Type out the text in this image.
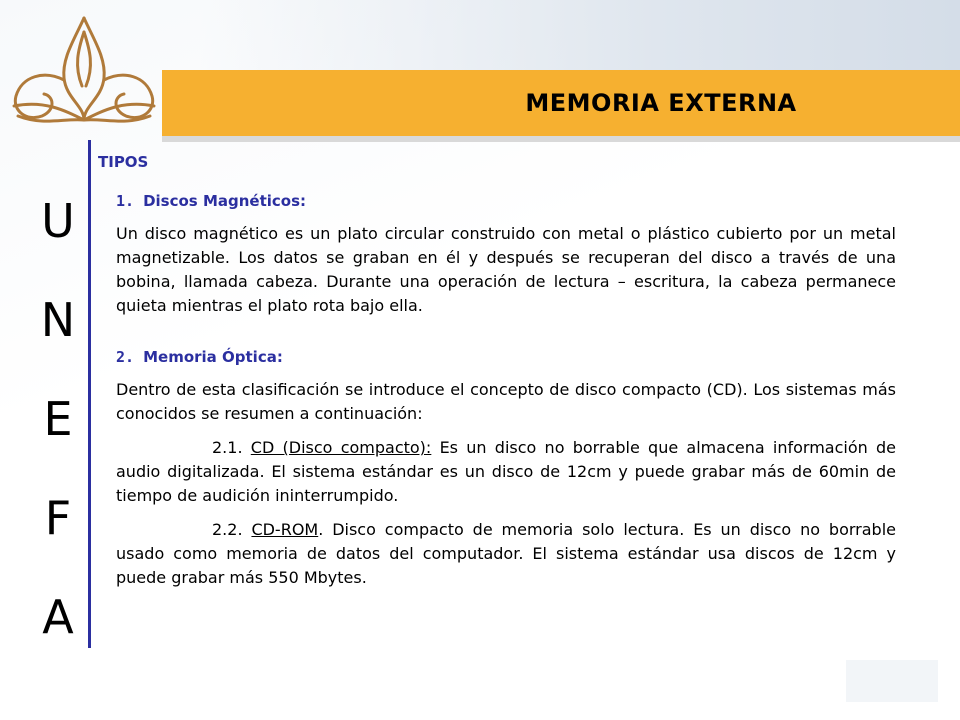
MEMORIA EXTERNA
U
N
E
F
A
TIPOS
1. Discos Magnéticos:

Un disco magnético es un plato circular construido con metal o plástico cubierto por un metal magnetizable. Los datos se graban en él y después se recuperan del disco a través de una bobina, llamada cabeza. Durante una operación de lectura – escritura, la cabeza permanece quieta mientras el plato rota bajo ella.

2. Memoria Óptica:

Dentro de esta clasificación se introduce el concepto de disco compacto (CD). Los sistemas más conocidos se resumen a continuación:

2.1. CD (Disco compacto): Es un disco no borrable que almacena información de audio digitalizada. El sistema estándar es un disco de 12cm y puede grabar más de 60min de tiempo de audición ininterrumpido.

2.2. CD-ROM. Disco compacto de memoria solo lectura. Es un disco no borrable usado como memoria de datos del computador. El sistema estándar usa discos de 12cm y puede grabar más 550 Mbytes.
